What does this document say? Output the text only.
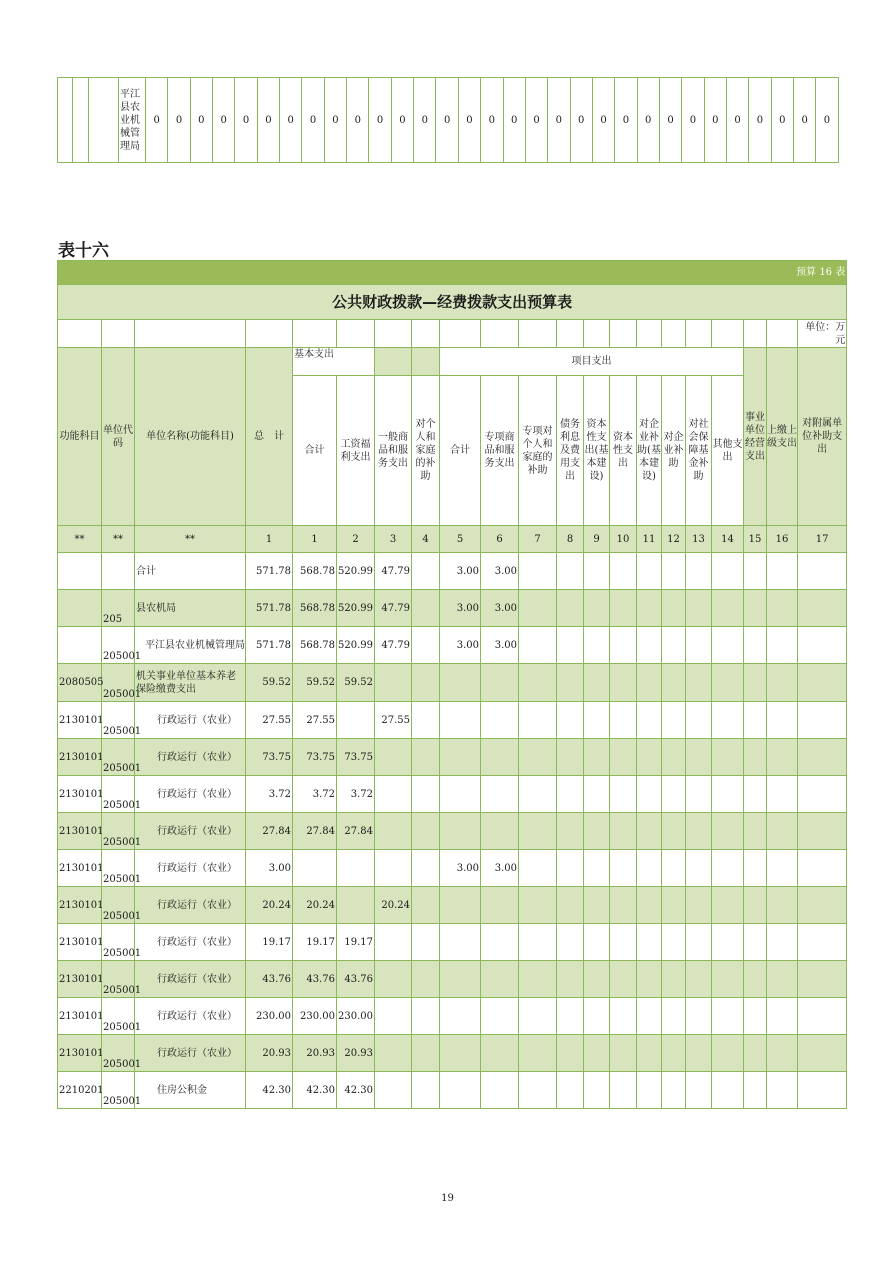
			平江县农业机械管理局	0	0	0	0	0	0	0	0	0	0	0	0	0	0	0	0	0	0	0	0	0	0	0	0	0	0	0	0	0	0	0
表十六
预算 16 表																				
公共财政拨款—经费拨款支出预算表																				
																				单位：万元
功能科目	单位代码	单位名称(功能科目)	总　计	基本支出				项目支出										事业单位经营支出	上缴上级支出	对附属单位补助支出
				合计	工资福利支出	一般商品和服务支出	对个人和家庭的补助	合计	专项商品和服务支出	专项对个人和家庭的补助	债务利息及费用支出	资本性支出(基本建设)	资本性支出	对企业补助(基本建设)	对企业补助	对社会保障基金补助	其他支出			
**	**	**	1	1	2	3	4	5	6	7	8	9	10	11	12	13	14	15	16	17
		合计	571.78	568.78	520.99	47.79		3.00	3.00											
	205	县农机局	571.78	568.78	520.99	47.79		3.00	3.00											
	205001	平江县农业机械管理局	571.78	568.78	520.99	47.79		3.00	3.00											
2080505	205001	机关事业单位基本养老保险缴费支出	59.52	59.52	59.52															
2130101	205001	行政运行（农业）	27.55	27.55		27.55														
2130101	205001	行政运行（农业）	73.75	73.75	73.75															
2130101	205001	行政运行（农业）	3.72	3.72	3.72															
2130101	205001	行政运行（农业）	27.84	27.84	27.84															
2130101	205001	行政运行（农业）	3.00					3.00	3.00											
2130101	205001	行政运行（农业）	20.24	20.24		20.24														
2130101	205001	行政运行（农业）	19.17	19.17	19.17															
2130101	205001	行政运行（农业）	43.76	43.76	43.76															
2130101	205001	行政运行（农业）	230.00	230.00	230.00															
2130101	205001	行政运行（农业）	20.93	20.93	20.93															
2210201	205001	住房公积金	42.30	42.30	42.30															
19
